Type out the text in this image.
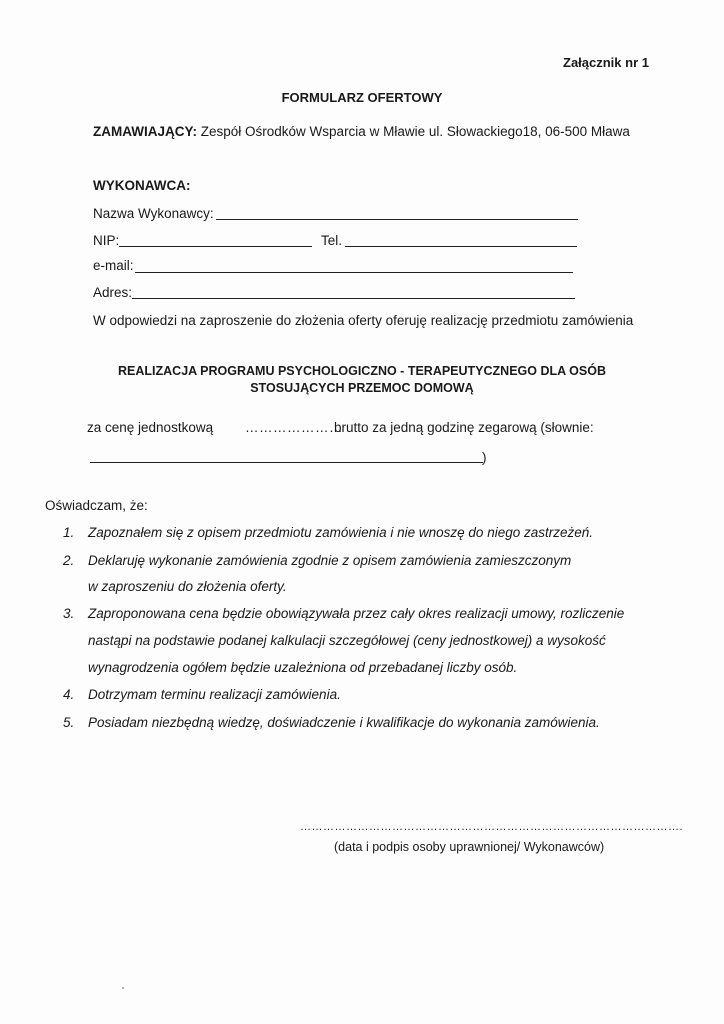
Załącznik nr 1
FORMULARZ OFERTOWY
ZAMAWIAJĄCY: Zespół Ośrodków Wsparcia w Mławie ul. Słowackiego18, 06-500 Mława
WYKONAWCA:
Nazwa Wykonawcy:
NIP:	Tel.
e-mail:
Adres:
W odpowiedzi na zaproszenie do złożenia oferty oferuję realizację przedmiotu zamówienia
REALIZACJA PROGRAMU PSYCHOLOGICZNO - TERAPEUTYCZNEGO DLA OSÓB
STOSUJĄCYCH PRZEMOC DOMOWĄ
za cenę jednostkową …………………
brutto za jedną godzinę zegarową (słownie:
)
Oświadczam, że:
1. Zapoznałem się z opisem przedmiotu zamówienia i nie wnoszę do niego zastrzeżeń.
2. Deklaruję wykonanie zamówienia zgodnie z opisem zamówienia zamieszczonym
w zaproszeniu do złożenia oferty.
3. Zaproponowana cena będzie obowiązywała przez cały okres realizacji umowy, rozliczenie
nastąpi na podstawie podanej kalkulacji szczegółowej (ceny jednostkowej) a wysokość
wynagrodzenia ogółem będzie uzależniona od przebadanej liczby osób.
4. Dotrzymam terminu realizacji zamówienia.
5. Posiadam niezbędną wiedzę, doświadczenie i kwalifikacje do wykonania zamówienia.
……………………………………………………………………………………….
(data i podpis osoby uprawnionej/ Wykonawców)
